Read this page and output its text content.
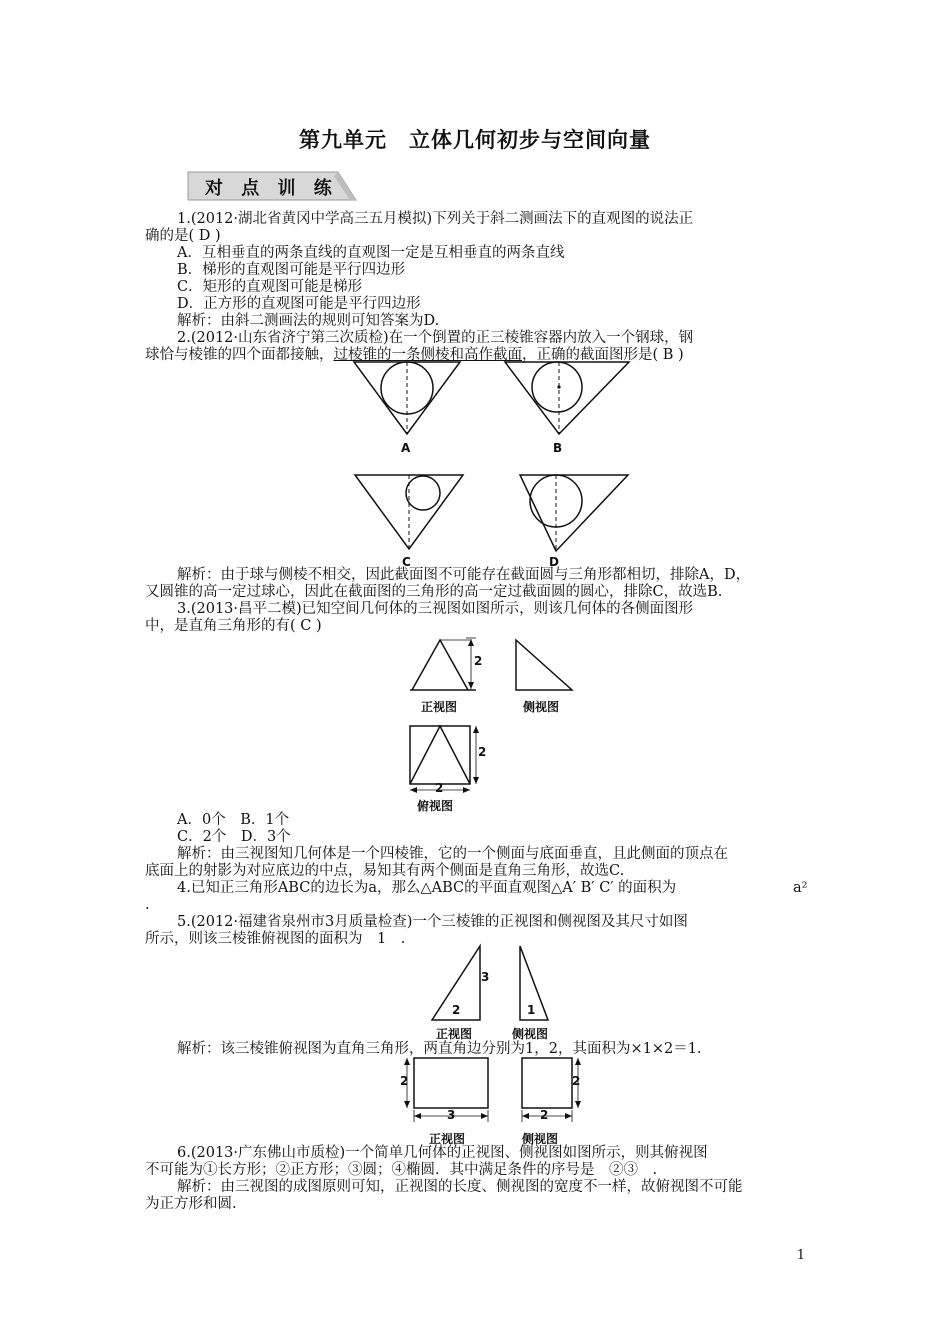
第九单元　立体几何初步与空间向量
对 点 训 练
1.(2012·湖北省黄冈中学高三五月模拟)下列关于斜二测画法下的直观图的说法正
确的是( D )
A．互相垂直的两条直线的直观图一定是互相垂直的两条直线
B．梯形的直观图可能是平行四边形
C．矩形的直观图可能是梯形
D．正方形的直观图可能是平行四边形
解析：由斜二测画法的规则可知答案为D.
2.(2012·山东省济宁第三次质检)在一个倒置的正三棱锥容器内放入一个钢球，钢
球恰与棱锥的四个面都接触，过棱锥的一条侧棱和高作截面，正确的截面图形是( B )
A	B
C	D
解析：由于球与侧棱不相交，因此截面图不可能存在截面圆与三角形都相切，排除A，D，
又圆锥的高一定过球心，因此在截面图的三角形的高一定过截面圆的圆心，排除C，故选B.
3.(2013·昌平二模)已知空间几何体的三视图如图所示，则该几何体的各侧面图形
中，是直角三角形的有( C )
2
正视图	侧视图
2
2
俯视图
A．0个　B．1个
C．2个　D．3个
解析：由三视图知几何体是一个四棱锥，它的一个侧面与底面垂直，且此侧面的顶点在
底面上的射影为对应底边的中点，易知其有两个侧面是直角三角形，故选C.
4.已知正三角形ABC的边长为a，那么△ABC的平面直观图△A′ B′ C′ 的面积为	a²
.
5.(2012·福建省泉州市3月质量检查)一个三棱锥的正视图和侧视图及其尺寸如图
所示，则该三棱锥俯视图的面积为　1　.
3
2
正视图
1
侧视图
解析：该三棱锥俯视图为直角三角形，两直角边分别为1，2，其面积为×1×2＝1.
2
3
正视图
2
2
侧视图
6.(2013·广东佛山市质检)一个简单几何体的正视图、侧视图如图所示，则其俯视图
不可能为①长方形；②正方形；③圆；④椭圆．其中满足条件的序号是　②③　.
解析：由三视图的成图原则可知，正视图的长度、侧视图的宽度不一样，故俯视图不可能
为正方形和圆.
1
